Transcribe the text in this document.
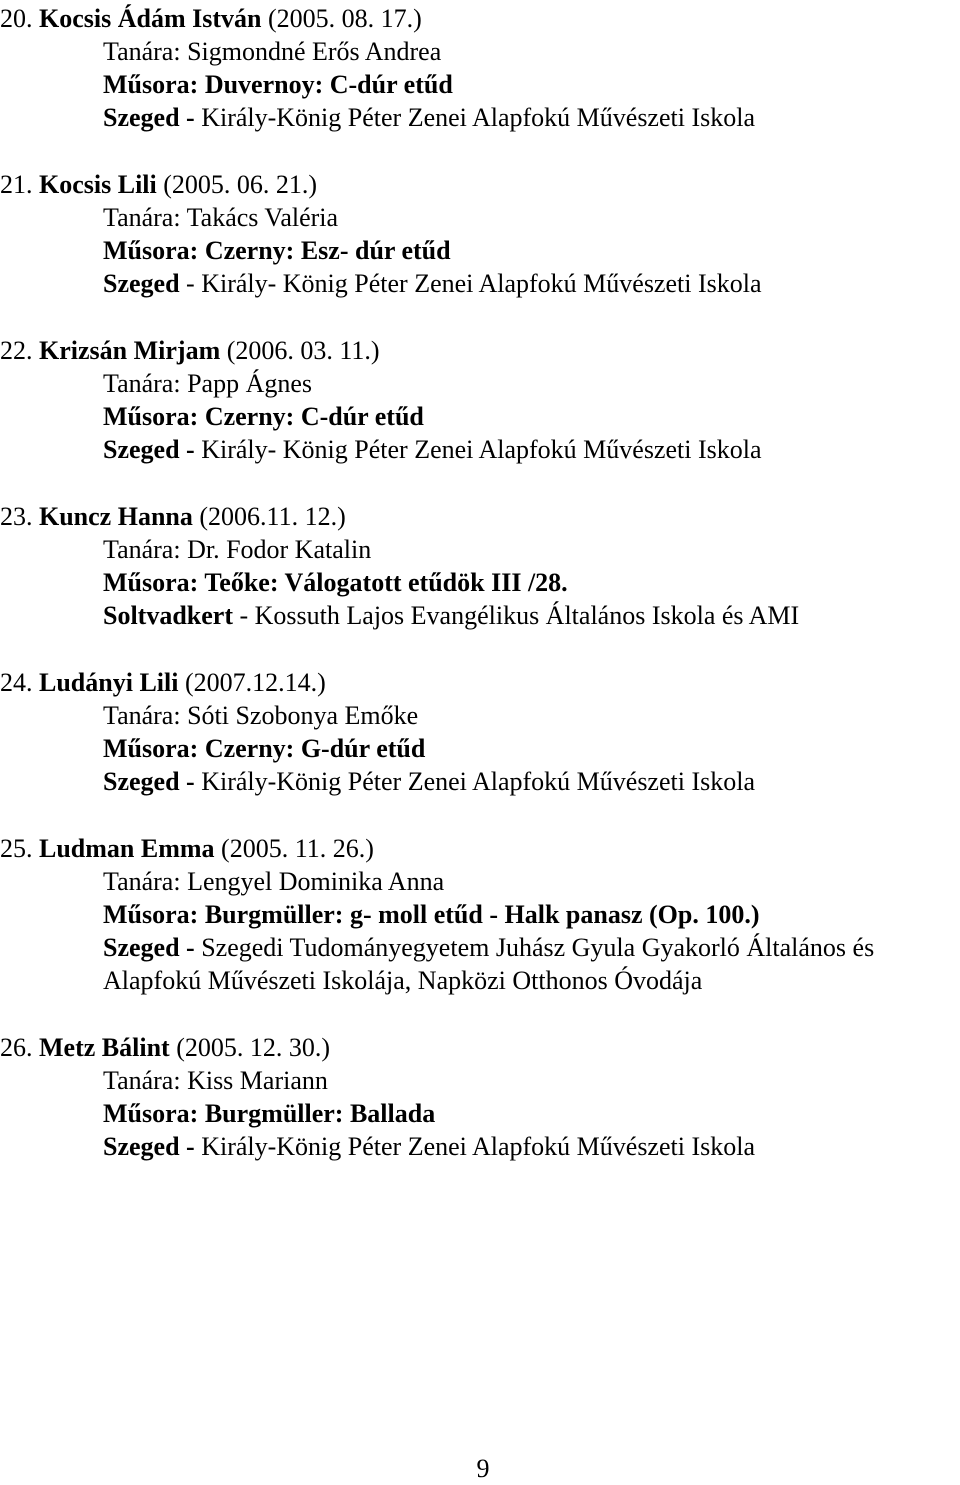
20. Kocsis Ádám István (2005. 08. 17.)
Tanára: Sigmondné Erős Andrea
Műsora: Duvernoy: C-dúr etűd
Szeged - Király-König Péter Zenei Alapfokú Művészeti Iskola
21. Kocsis Lili (2005. 06. 21.)
Tanára: Takács Valéria
Műsora: Czerny: Esz- dúr etűd
Szeged - Király- König Péter Zenei Alapfokú Művészeti Iskola
22. Krizsán Mirjam (2006. 03. 11.)
Tanára: Papp Ágnes
Műsora: Czerny: C-dúr etűd
Szeged - Király- König Péter Zenei Alapfokú Művészeti Iskola
23. Kuncz Hanna (2006.11. 12.)
Tanára: Dr. Fodor Katalin
Műsora: Teőke: Válogatott etűdök III /28.
Soltvadkert - Kossuth Lajos Evangélikus Általános Iskola és AMI
24. Ludányi Lili (2007.12.14.)
Tanára: Sóti Szobonya Emőke
Műsora: Czerny: G-dúr etűd
Szeged - Király-König Péter Zenei Alapfokú Művészeti Iskola
25. Ludman Emma (2005. 11. 26.)
Tanára: Lengyel Dominika Anna
Műsora: Burgmüller: g- moll etűd - Halk panasz (Op. 100.)
Szeged - Szegedi Tudományegyetem Juhász Gyula Gyakorló Általános és
Alapfokú Művészeti Iskolája, Napközi Otthonos Óvodája
26. Metz Bálint (2005. 12. 30.)
Tanára: Kiss Mariann
Műsora: Burgmüller: Ballada
Szeged - Király-König Péter Zenei Alapfokú Művészeti Iskola
9
